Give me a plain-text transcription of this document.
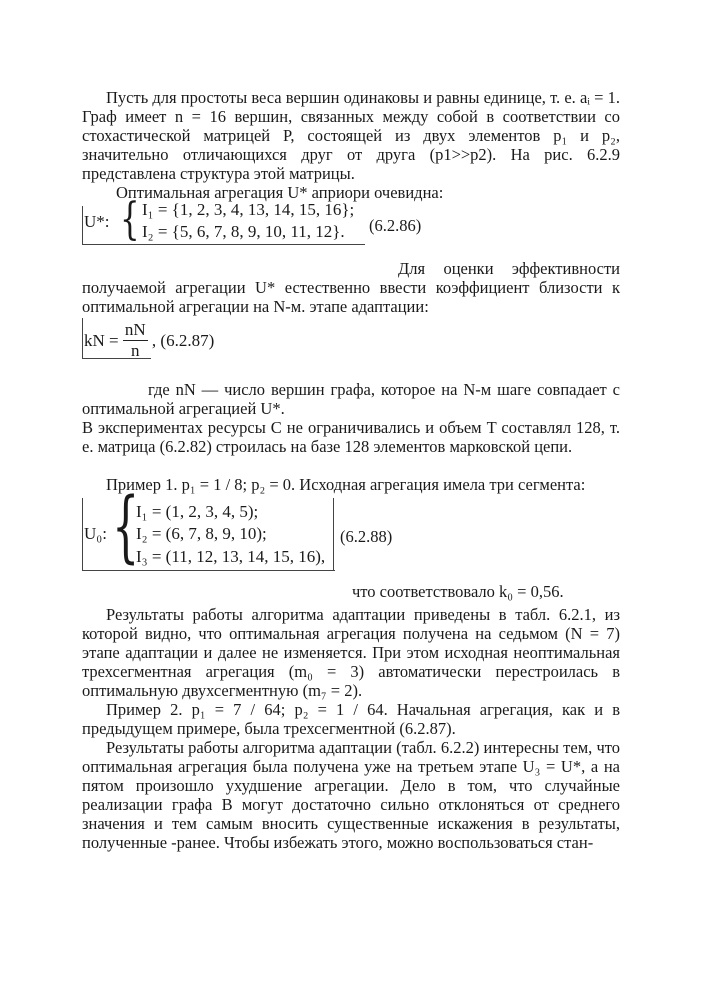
Пусть для простоты веса вершин одинаковы и равны единице, т. е. aᵢ = 1. Граф имеет n = 16 вершин, связанных между собой в соответствии со стохастической матрицей P, состоящей из двух элементов p₁ и p₂, значительно отличающихся друг от друга (p1>>p2). На рис. 6.2.9 представлена структура этой матрицы.

Оптимальная агрегация U* априори очевидна:

U*: { I₁ = {1, 2, 3, 4, 13, 14, 15, 16};
I₂ = {5, 6, 7, 8, 9, 10, 11, 12}. (6.2.86)

Для оценки эффективности получаемой агрегации U* естественно ввести коэффициент близости к оптимальной агрегации на N-м. этапе адаптации:

kN = $\frac{nN}{n}$ , (6.2.87)

где nN — число вершин графа, которое на N-м шаге совпадает с оптимальной агрегацией U*.

В экспериментах ресурсы C не ограничивались и объем T составлял 128, т. е. матрица (6.2.82) строилась на базе 128 элементов марковской цепи.

Пример 1. p₁ = 1 / 8; p₂ = 0. Исходная агрегация имела три сегмента:

U₀: {
I₁ = (1, 2, 3, 4, 5);
I₂ = (6, 7, 8, 9, 10);
I₃ = (11, 12, 13, 14, 15, 16),
(6.2.88)

что соответствовало k₀ = 0,56.

Результаты работы алгоритма адаптации приведены в табл. 6.2.1, из которой видно, что оптимальная агрегация получена на седьмом (N = 7) этапе адаптации и далее не изменяется. При этом исходная неоптимальная трехсегментная агрегация (m₀ = 3) автоматически перестроилась в оптимальную двухсегментную (m₇ = 2).

Пример 2. p₁ = 7 / 64; p₂ = 1 / 64. Начальная агрегация, как и в предыдущем примере, была трехсегментной (6.2.87).

Результаты работы алгоритма адаптации (табл. 6.2.2) интересны тем, что оптимальная агрегация была получена уже на третьем этапе U₃ = U*, а на пятом произошло ухудшение агрегации. Дело в том, что случайные реализации графа B могут достаточно сильно отклоняться от среднего значения и тем самым вносить существенные искажения в результаты, полученные -ранее. Чтобы избежать этого, можно воспользоваться стан-
